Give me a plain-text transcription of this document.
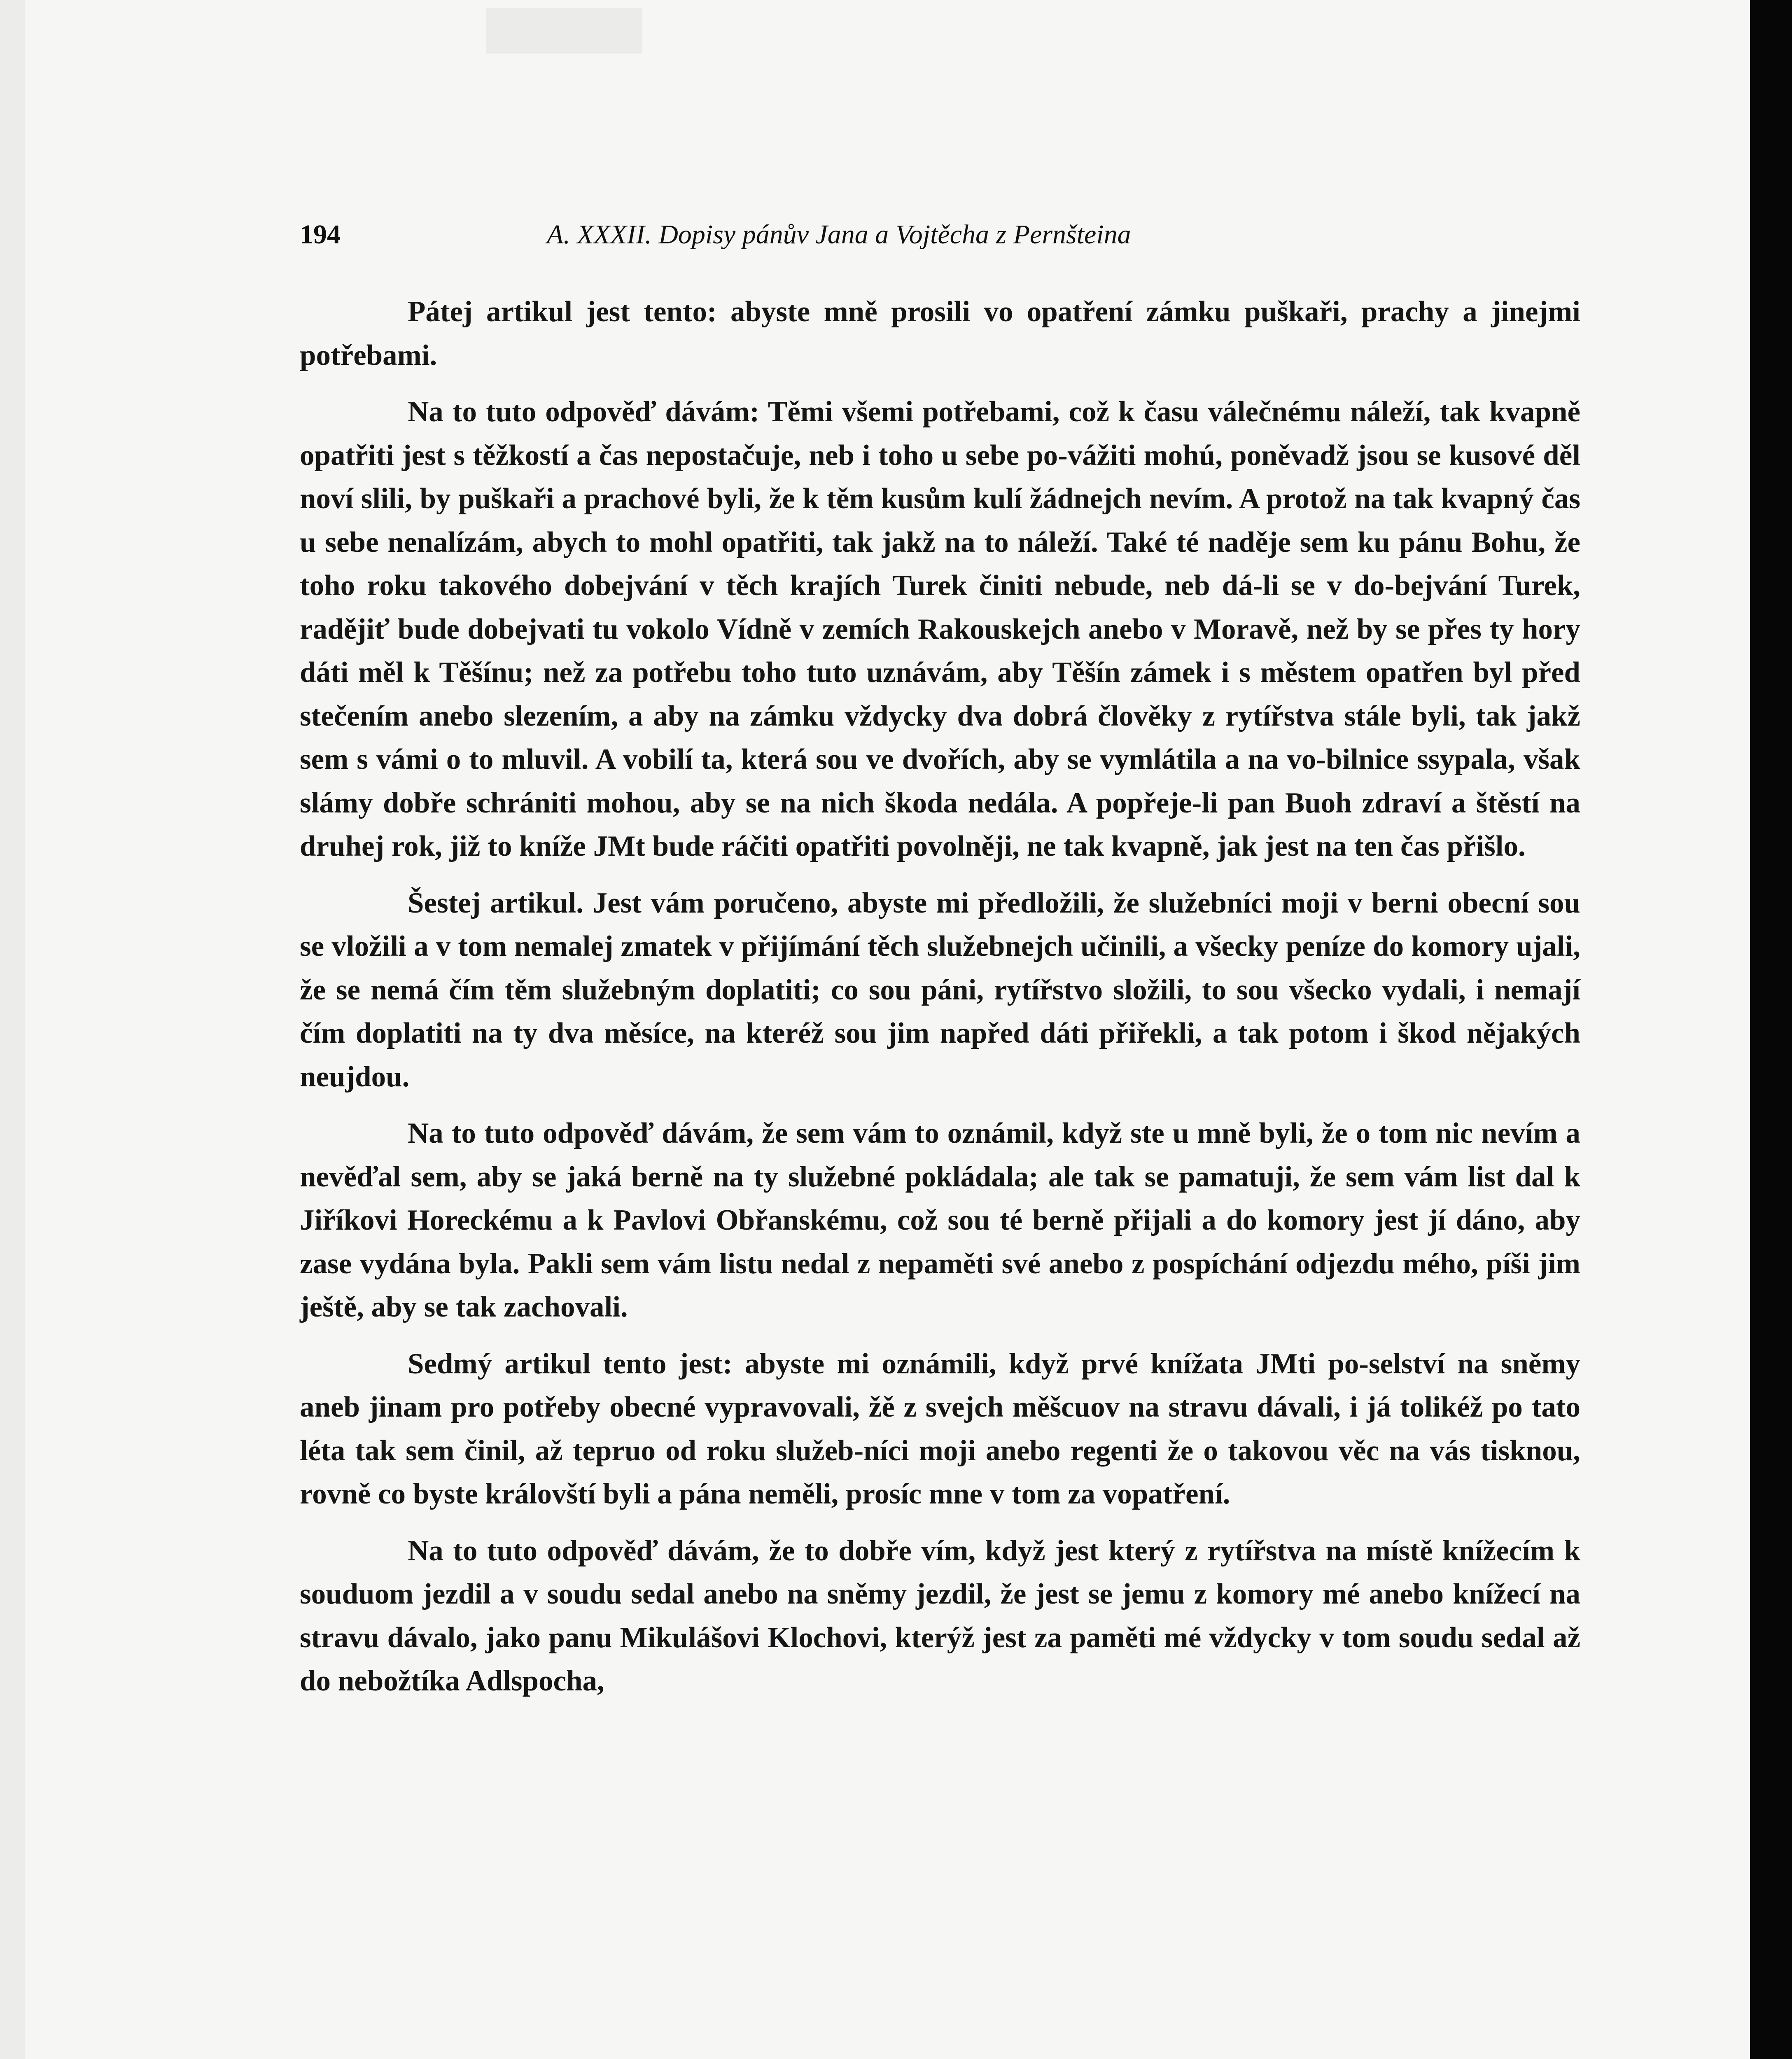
194	A. XXXII. Dopisy pánův Jana a Vojtěcha z Pernšteina

Pátej artikul jest tento: abyste mně prosili vo opatření zámku puškaři, prachy a jinejmi potřebami.

Na to tuto odpověď dávám: Těmi všemi potřebami, což k času válečnému náleží, tak kvapně opatřiti jest s těžkostí a čas nepostačuje, neb i toho u sebe po-vážiti mohú, poněvadž jsou se kusové děl noví slili, by puškaři a prachové byli, že k těm kusům kulí žádnejch nevím. A protož na tak kvapný čas u sebe nenalízám, abych to mohl opatřiti, tak jakž na to náleží. Také té naděje sem ku pánu Bohu, že toho roku takového dobejvání v těch krajích Turek činiti nebude, neb dá-li se v do-bejvání Turek, radějiť bude dobejvati tu vokolo Vídně v zemích Rakouskejch anebo v Moravě, než by se přes ty hory dáti měl k Těšínu; než za potřebu toho tuto uznávám, aby Těšín zámek i s městem opatřen byl před stečením anebo slezením, a aby na zámku vždycky dva dobrá člověky z rytířstva stále byli, tak jakž sem s vámi o to mluvil. A vobilí ta, která sou ve dvořích, aby se vymlátila a na vo-bilnice ssypala, však slámy dobře schrániti mohou, aby se na nich škoda nedála. A popřeje-li pan Buoh zdraví a štěstí na druhej rok, již to kníže JMt bude ráčiti opatřiti povolněji, ne tak kvapně, jak jest na ten čas přišlo.

Šestej artikul. Jest vám poručeno, abyste mi předložili, že služebníci moji v berni obecní sou se vložili a v tom nemalej zmatek v přijímání těch služebnejch učinili, a všecky peníze do komory ujali, že se nemá čím těm služebným doplatiti; co sou páni, rytířstvo složili, to sou všecko vydali, i nemají čím doplatiti na ty dva měsíce, na kteréž sou jim napřed dáti přiřekli, a tak potom i škod nějakých neujdou.

Na to tuto odpověď dávám, že sem vám to oznámil, když ste u mně byli, že o tom nic nevím a nevěďal sem, aby se jaká berně na ty služebné pokládala; ale tak se pamatuji, že sem vám list dal k Jiříkovi Horeckému a k Pavlovi Obřanskému, což sou té berně přijali a do komory jest jí dáno, aby zase vydána byla. Pakli sem vám listu nedal z nepaměti své anebo z pospíchání odjezdu mého, píši jim ještě, aby se tak zachovali.

Sedmý artikul tento jest: abyste mi oznámili, když prvé knížata JMti po-selství na sněmy aneb jinam pro potřeby obecné vypravovali, žě z svejch měšcuov na stravu dávali, i já tolikéž po tato léta tak sem činil, až tepruo od roku služeb-níci moji anebo regenti že o takovou věc na vás tisknou, rovně co byste královští byli a pána neměli, prosíc mne v tom za vopatření.

Na to tuto odpověď dávám, že to dobře vím, když jest který z rytířstva na místě knížecím k souduom jezdil a v soudu sedal anebo na sněmy jezdil, že jest se jemu z komory mé anebo knížecí na stravu dávalo, jako panu Mikulášovi Klochovi, kterýž jest za paměti mé vždycky v tom soudu sedal až do nebožtíka Adlspocha,
